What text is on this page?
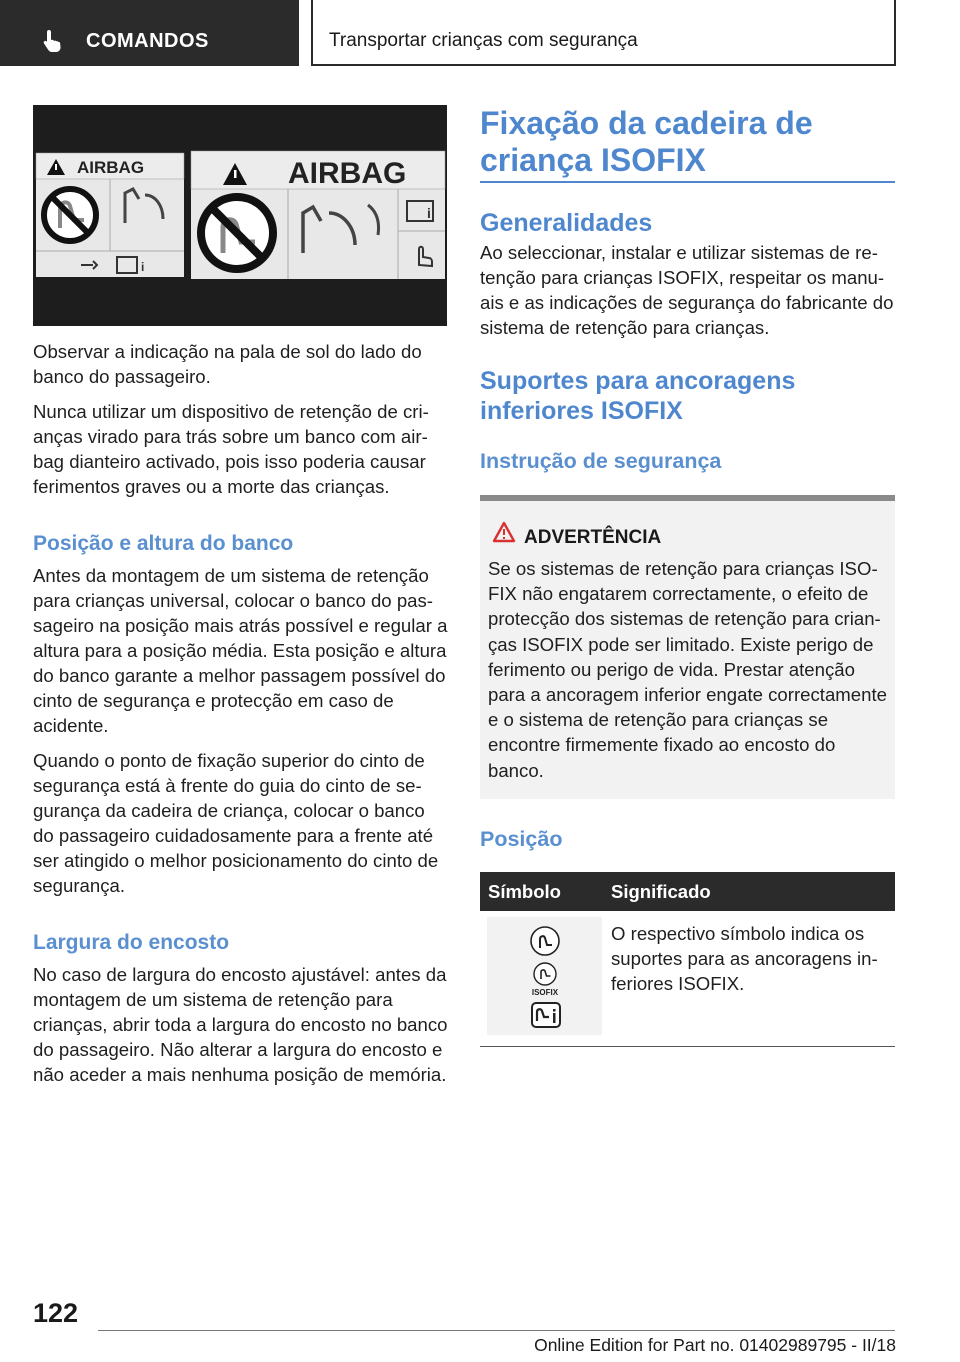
COMANDOS	Transportar crianças com segurança
AIRBAG
i
AIRBAG
i

Observar a indicação na pala de sol do lado do banco do passageiro.

Nunca utilizar um dispositivo de retenção de crianças virado para trás sobre um banco com airbag dianteiro activado, pois isso poderia causar ferimentos graves ou a morte das crianças.

Posição e altura do banco

Antes da montagem de um sistema de retenção para crianças universal, colocar o banco do passageiro na posição mais atrás possível e regular a altura para a posição média. Esta posição e altura do banco garante a melhor passagem possível do cinto de segurança e protecção em caso de acidente.

Quando o ponto de fixação superior do cinto de segurança está à frente do guia do cinto de segurança da cadeira de criança, colocar o banco do passageiro cuidadosamente para a frente até ser atingido o melhor posicionamento do cinto de segurança.

Largura do encosto

No caso de largura do encosto ajustável: antes da montagem de um sistema de retenção para crianças, abrir toda a largura do encosto no banco do passageiro. Não alterar a largura do encosto e não aceder a mais nenhuma posição de memória.

Fixação da cadeira de criança ISOFIX
Generalidades

Ao seleccionar, instalar e utilizar sistemas de retenção para crianças ISOFIX, respeitar os manuais e as indicações de segurança do fabricante do sistema de retenção para crianças.

Suportes para ancoragens inferiores ISOFIX
Instrução de segurança
ADVERTÊNCIA

Se os sistemas de retenção para crianças ISOFIX não engatarem correctamente, o efeito de protecção dos sistemas de retenção para crianças ISOFIX pode ser limitado. Existe perigo de ferimento ou perigo de vida. Prestar atenção para a ancoragem inferior engate correctamente e o sistema de retenção para crianças se encontre firmemente fixado ao encosto do banco.

Posição
Símbolo	Significado
ISOFIX

O respectivo símbolo indica os suportes para as ancoragens inferiores ISOFIX.

122
Online Edition for Part no. 01402989795 - II/18
